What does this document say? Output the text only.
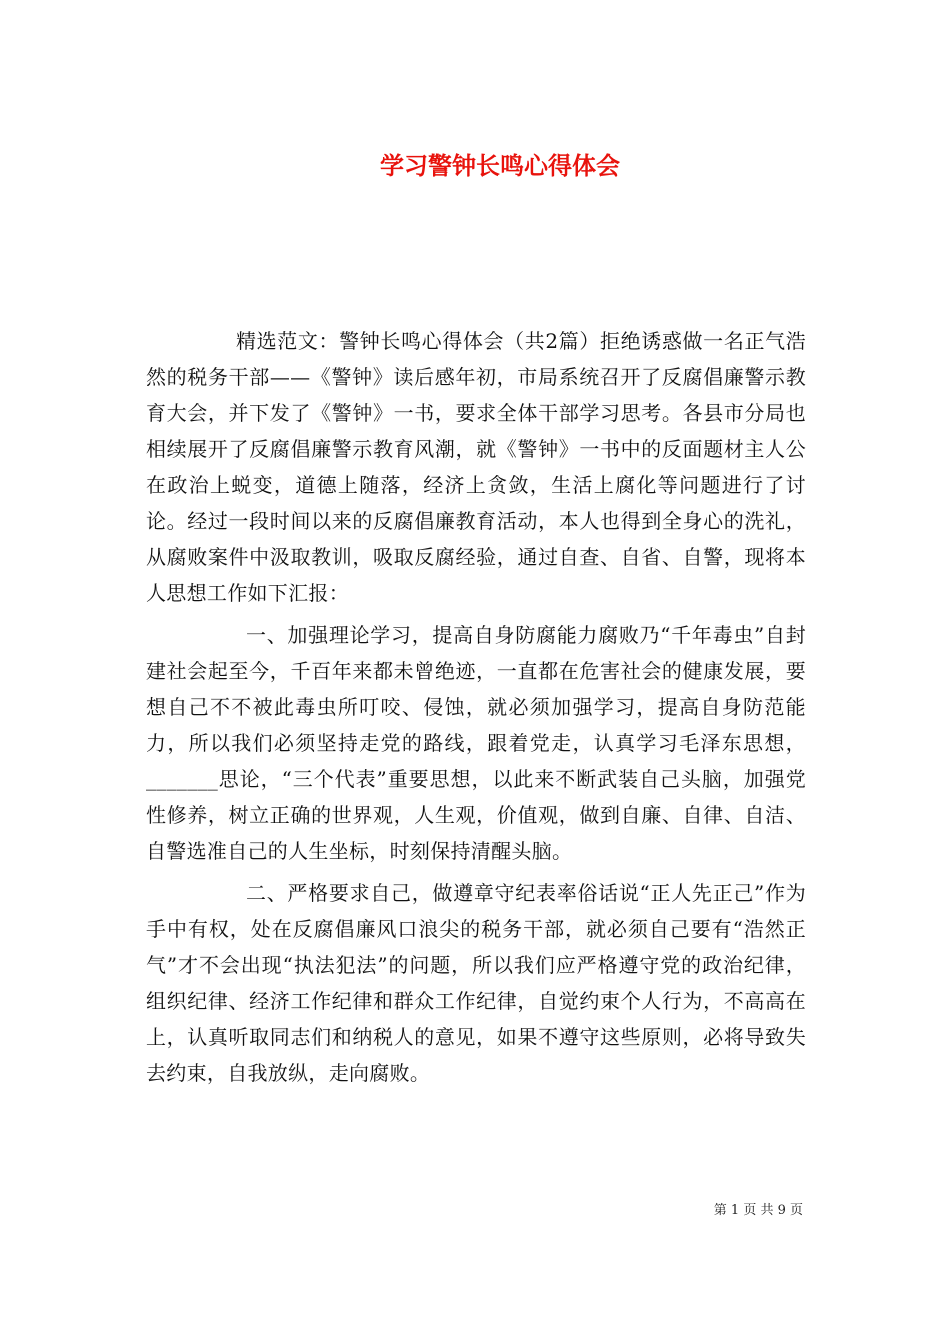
学习警钟长鸣心得体会

精选范文：警钟长鸣心得体会（共2篇）拒绝诱惑做一名正气浩然的税务干部——《警钟》读后感年初，市局系统召开了反腐倡廉警示教育大会，并下发了《警钟》一书，要求全体干部学习思考。各县市分局也相续展开了反腐倡廉警示教育风潮，就《警钟》一书中的反面题材主人公在政治上蜕变，道德上随落，经济上贪敛，生活上腐化等问题进行了讨论。经过一段时间以来的反腐倡廉教育活动，本人也得到全身心的洗礼，从腐败案件中汲取教训，吸取反腐经验，通过自查、自省、自警，现将本人思想工作如下汇报：

一、加强理论学习，提高自身防腐能力腐败乃“千年毒虫”自封建社会起至今，千百年来都未曾绝迹，一直都在危害社会的健康发展，要想自己不不被此毒虫所叮咬、侵蚀，就必须加强学习，提高自身防范能力，所以我们必须坚持走党的路线，跟着党走，认真学习毛泽东思想，_______思论，“三个代表”重要思想，以此来不断武装自己头脑，加强党性修养，树立正确的世界观，人生观，价值观，做到自廉、自律、自洁、自警选准自己的人生坐标，时刻保持清醒头脑。

二、严格要求自己，做遵章守纪表率俗话说“正人先正己”作为手中有权，处在反腐倡廉风口浪尖的税务干部，就必须自己要有“浩然正气”才不会出现“执法犯法”的问题，所以我们应严格遵守党的政治纪律，组织纪律、经济工作纪律和群众工作纪律，自觉约束个人行为，不高高在上，认真听取同志们和纳税人的意见，如果不遵守这些原则，必将导致失去约束，自我放纵，走向腐败。

第 1 页 共 9 页
